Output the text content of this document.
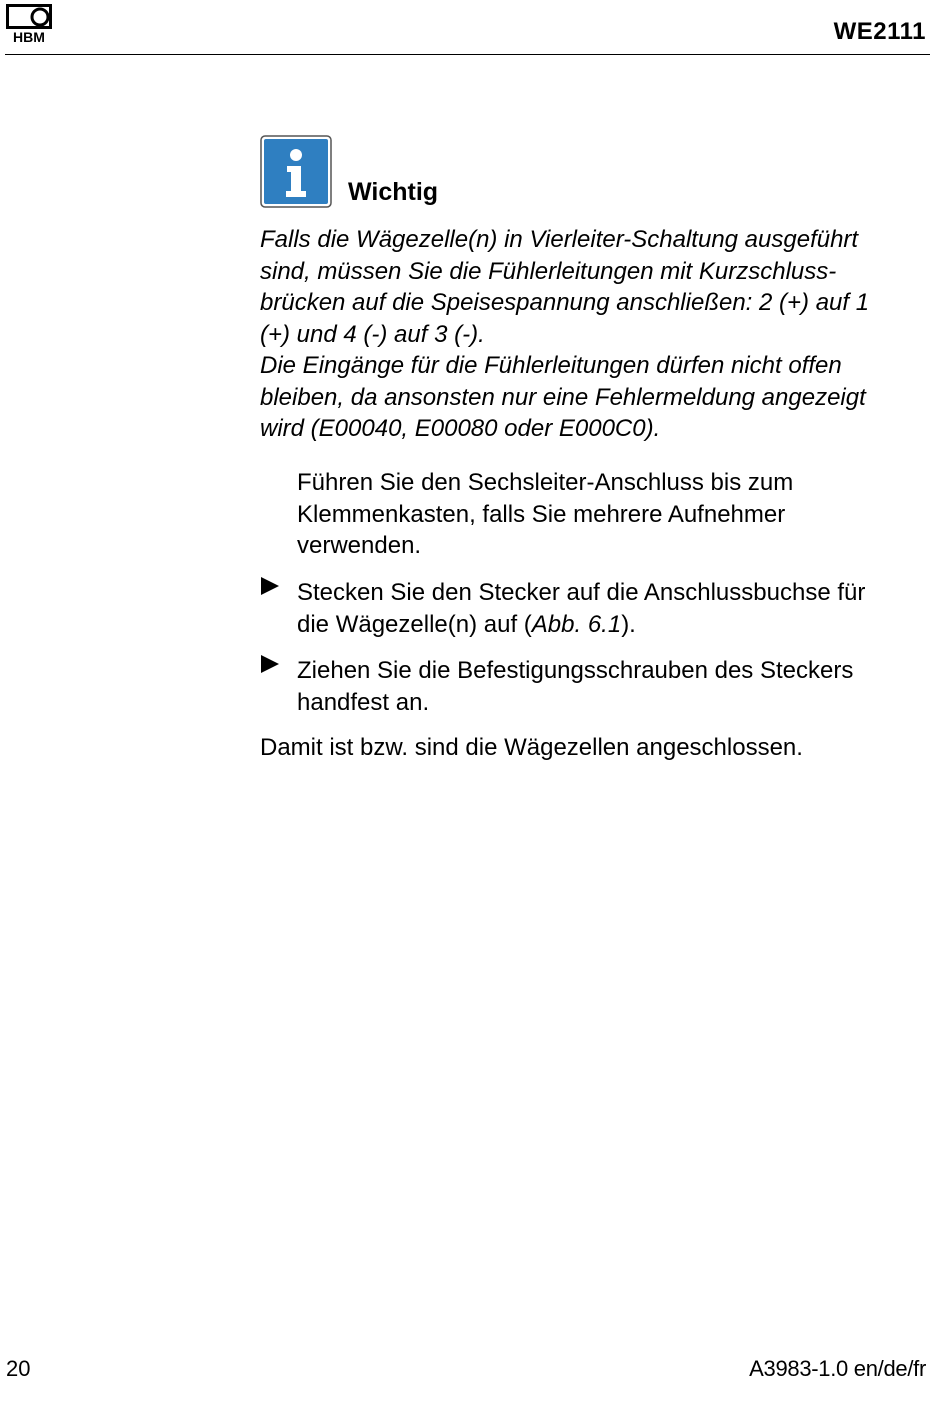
HBM	WE2111
Wichtig

Falls die Wägezelle(n) in Vierleiter-Schaltung ausgeführt
sind, müssen Sie die Fühlerleitungen mit Kurzschluss-
brücken auf die Speisespannung anschließen: 2 (+) auf 1
(+) und 4 (-) auf 3 (-).

Die Eingänge für die Fühlerleitungen dürfen nicht offen
bleiben, da ansonsten nur eine Fehlermeldung angezeigt
wird (E00040, E00080 oder E000C0).

Führen Sie den Sechsleiter-Anschluss bis zum
Klemmenkasten, falls Sie mehrere Aufnehmer
verwenden.
Stecken Sie den Stecker auf die Anschlussbuchse für
die Wägezelle(n) auf (Abb. 6.1).
Ziehen Sie die Befestigungsschrauben des Steckers
handfest an.
Damit ist bzw. sind die Wägezellen angeschlossen.
20	A3983-1.0 en/de/fr
